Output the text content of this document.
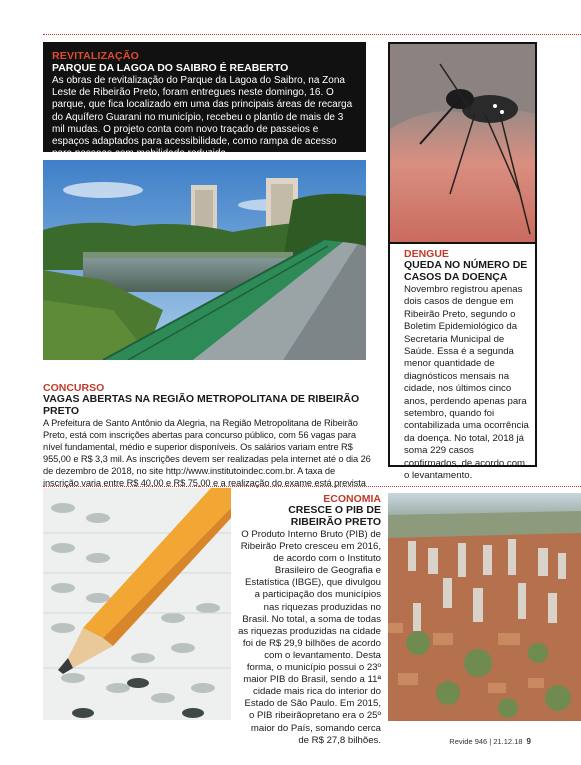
REVITALIZAÇÃO
PARQUE DA LAGOA DO SAIBRO É REABERTO
As obras de revitalização do Parque da Lagoa do Saibro, na Zona Leste de Ribeirão Preto, foram entregues neste domingo, 16. O parque, que fica localizado em uma das principais áreas de recarga do Aquífero Guarani no município, recebeu o plantio de mais de 3 mil mudas. O projeto conta com novo traçado de passeios e espaços adaptados para acessibilidade, como rampa de acesso para pessoas com mobilidade reduzida.
DENGUE
QUEDA NO NÚMERO DE CASOS DA DOENÇA
Novembro registrou apenas dois casos de dengue em Ribeirão Preto, segundo o Boletim Epidemiológico da Secretaria Municipal de Saúde. Essa é a segunda menor quantidade de diagnósticos mensais na cidade, nos últimos cinco anos, perdendo apenas para setembro, quando foi contabilizada uma ocorrência da doença. No total, 2018 já soma 229 casos confirmados, de acordo com o levantamento.
CONCURSO
VAGAS ABERTAS NA REGIÃO METROPOLITANA DE RIBEIRÃO PRETO
A Prefeitura de Santo Antônio da Alegria, na Região Metropolitana de Ribeirão Preto, está com inscrições abertas para concurso público, com 56 vagas para nível fundamental, médio e superior disponíveis. Os salários variam entre R$ 955,00 e R$ 3,3 mil. As inscrições devem ser realizadas pela internet até o dia 26 de dezembro de 2018, no site http://www.institutoindec.com.br. A taxa de inscrição varia entre R$ 40,00 e R$ 75,00 e a realização do exame está prevista
ECONOMIA
CRESCE O PIB DE RIBEIRÃO PRETO
O Produto Interno Bruto (PIB) de Ribeirão Preto cresceu em 2016, de acordo com o Instituto Brasileiro de Geografia e Estatística (IBGE), que divulgou a participação dos municípios nas riquezas produzidas no Brasil. No total, a soma de todas as riquezas produzidas na cidade foi de R$ 29,9 bilhões de acordo com o levantamento. Desta forma, o município possui o 23º maior PIB do Brasil, sendo a 11ª cidade mais rica do interior do Estado de São Paulo. Em 2015, o PIB ribeirãopretano era o 25º maior do País, somando cerca de R$ 27,8 bilhões.	Revide 946 | 21.12.18 9
